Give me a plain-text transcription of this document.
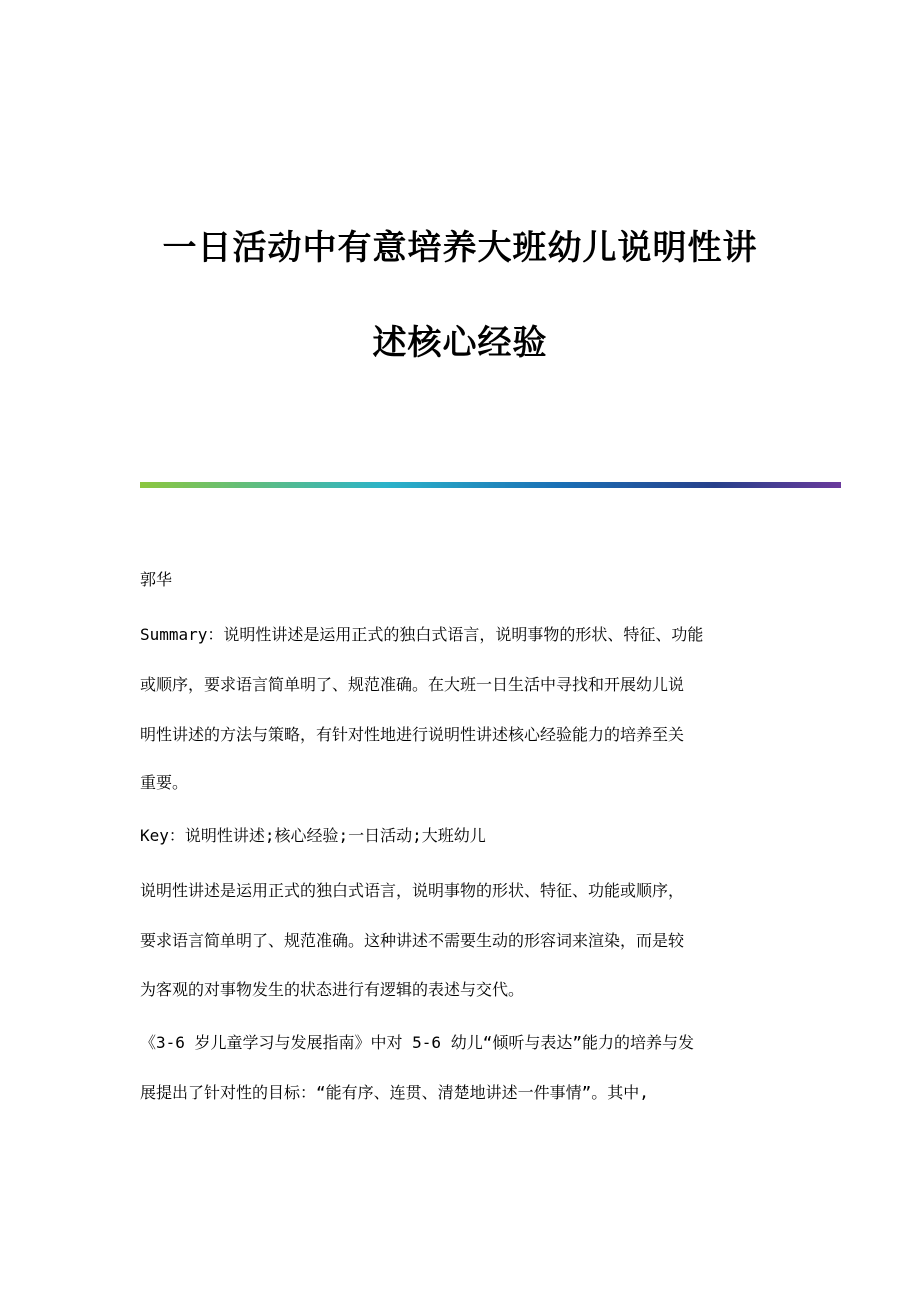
一日活动中有意培养大班幼儿说明性讲
述核心经验
郭华
Summary：说明性讲述是运用正式的独白式语言，说明事物的形状、特征、功能
或顺序，要求语言简单明了、规范准确。在大班一日生活中寻找和开展幼儿说
明性讲述的方法与策略，有针对性地进行说明性讲述核心经验能力的培养至关
重要。
Key：说明性讲述;核心经验;一日活动;大班幼儿
说明性讲述是运用正式的独白式语言，说明事物的形状、特征、功能或顺序，
要求语言简单明了、规范准确。这种讲述不需要生动的形容词来渲染，而是较
为客观的对事物发生的状态进行有逻辑的表述与交代。
《3-6 岁儿童学习与发展指南》中对 5-6 幼儿“倾听与表达”能力的培养与发
展提出了针对性的目标：“能有序、连贯、清楚地讲述一件事情”。其中,
